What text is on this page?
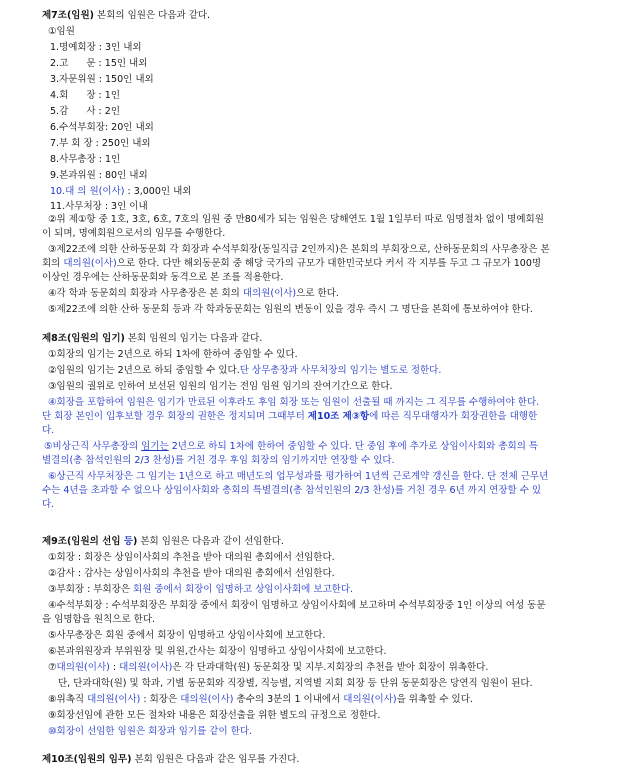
제7조(임원) 본회의 임원은 다음과 같다.
①임원
1.명예회장 : 3인 내외
2.고      문 : 15인 내외
3.자문위원 : 150인 내외
4.회      장 : 1인
5.감      사 : 2인
6.수석부회장: 20인 내외
7.부 회 장 : 250인 내외
8.사무총장 : 1인
9.본과위원 : 80인 내외
10.대 의 원(이사) : 3,000인 내외
11.사무처장 : 3인 이내
②위 제①항 중 1호, 3호, 6호, 7호의 임원 중 만80세가 되는 임원은 당해연도 1월 1일부터 따로 임명절차 없이 명예회원
이 되며, 명예회원으로서의 임무를 수행한다.
③제22조에 의한 산하동문회 각 회장과 수석부회장(동일직급 2인까지)은 본회의 부회장으로, 산하동문회의 사무총장은 본
회의 대의원(이사)으로 한다. 다만 해외동문회 중 해당 국가의 규모가 대한민국보다 커서 각 지부를 두고 그 규모가 100명
이상인 경우에는 산하동문회와 동격으로 본 조를 적용한다.
④각 학과 동문회의 회장과 사무총장은 본 회의 대의원(이사)으로 한다.
⑤제22조에 의한 산하 동문회 등과 각 학과동문회는 임원의 변동이 있을 경우 즉시 그 명단을 본회에 통보하여야 한다.
제8조(임원의 임기) 본회 임원의 임기는 다음과 같다.
①회장의 임기는 2년으로 하되 1차에 한하여 중임할 수 있다.
②임원의 임기는 2년으로 하되 중임할 수 있다.단 상무총장과 사무처장의 임기는 별도로 정한다.
③임원의 궐위로 인하여 보선된 임원의 임기는 전임 임원 임기의 잔여기간으로 한다.
④회장을 포함하여 임원은 임기가 만료된 이후라도 후임 회장 또는 임원이 선출될 때 까지는 그 직무를 수행하여야 한다.
단 회장 본인이 입후보할 경우 회장의 권한은 정지되며 그때부터 제10조 제③항에 따른 직무대행자가 회장권한을 대행한
다.
⑤비상근직 사무총장의 임기는 2년으로 하되 1차에 한하여 중임할 수 있다. 단 중임 후에 추가로 상임이사회와 총회의 특
별결의(총 참석인원의 2/3 찬성)를 거친 경우 후임 회장의 임기까지만 연장할 수 있다.
⑥상근직 사무처장은 그 임기는 1년으로 하고 매년도의 업무성과를 평가하여 1년씩 근로계약 갱신을 한다. 단 전체 근무년
수는 4년을 초과할 수 없으나 상임이사회와 총회의 특별결의(총 참석인원의 2/3 찬성)를 거친 경우 6년 까지 연장할 수 있
다.
제9조(임원의 선임 등) 본회 임원은 다음과 같이 선임한다.
①회장 : 회장은 상임이사회의 추천을 받아 대의원 총회에서 선임한다.
②감사 : 감사는 상임이사회의 추천을 받아 대의원 총회에서 선임한다.
③부회장 : 부회장은 회원 중에서 회장이 임명하고 상임이사회에 보고한다.
④수석부회장 : 수석부회장은 부회장 중에서 회장이 임명하고 상임이사회에 보고하며 수석부회장중 1인 이상의 여성 동문
을 임명함을 원칙으로 한다.
⑤사무총장은 회원 중에서 회장이 임명하고 상임이사회에 보고한다.
⑥본과위원장과 부위원장 및 위원,간사는 회장이 임명하고 상임이사회에 보고한다.
⑦대의원(이사) : 대의원(이사)은 각 단과대학(원) 동문회장 및 지부.지회장의 추천을 받아 회장이 위촉한다.
단, 단과대학(원) 및 학과, 기별 동문회와 직장별, 직능별, 지역별 지회 회장 등 단위 동문회장은 당연직 임원이 된다.
⑧위촉직 대의원(이사) : 회장은 대의원(이사) 총수의 3분의 1 이내에서 대의원(이사)을 위촉할 수 있다.
⑨회장선임에 관한 모든 절차와 내용은 회장선출을 위한 별도의 규정으로 정한다.
⑩회장이 선임한 임원은 회장과 임기를 같이 한다.
제10조(임원의 임무) 본회 임원은 다음과 같은 임무를 가진다.
